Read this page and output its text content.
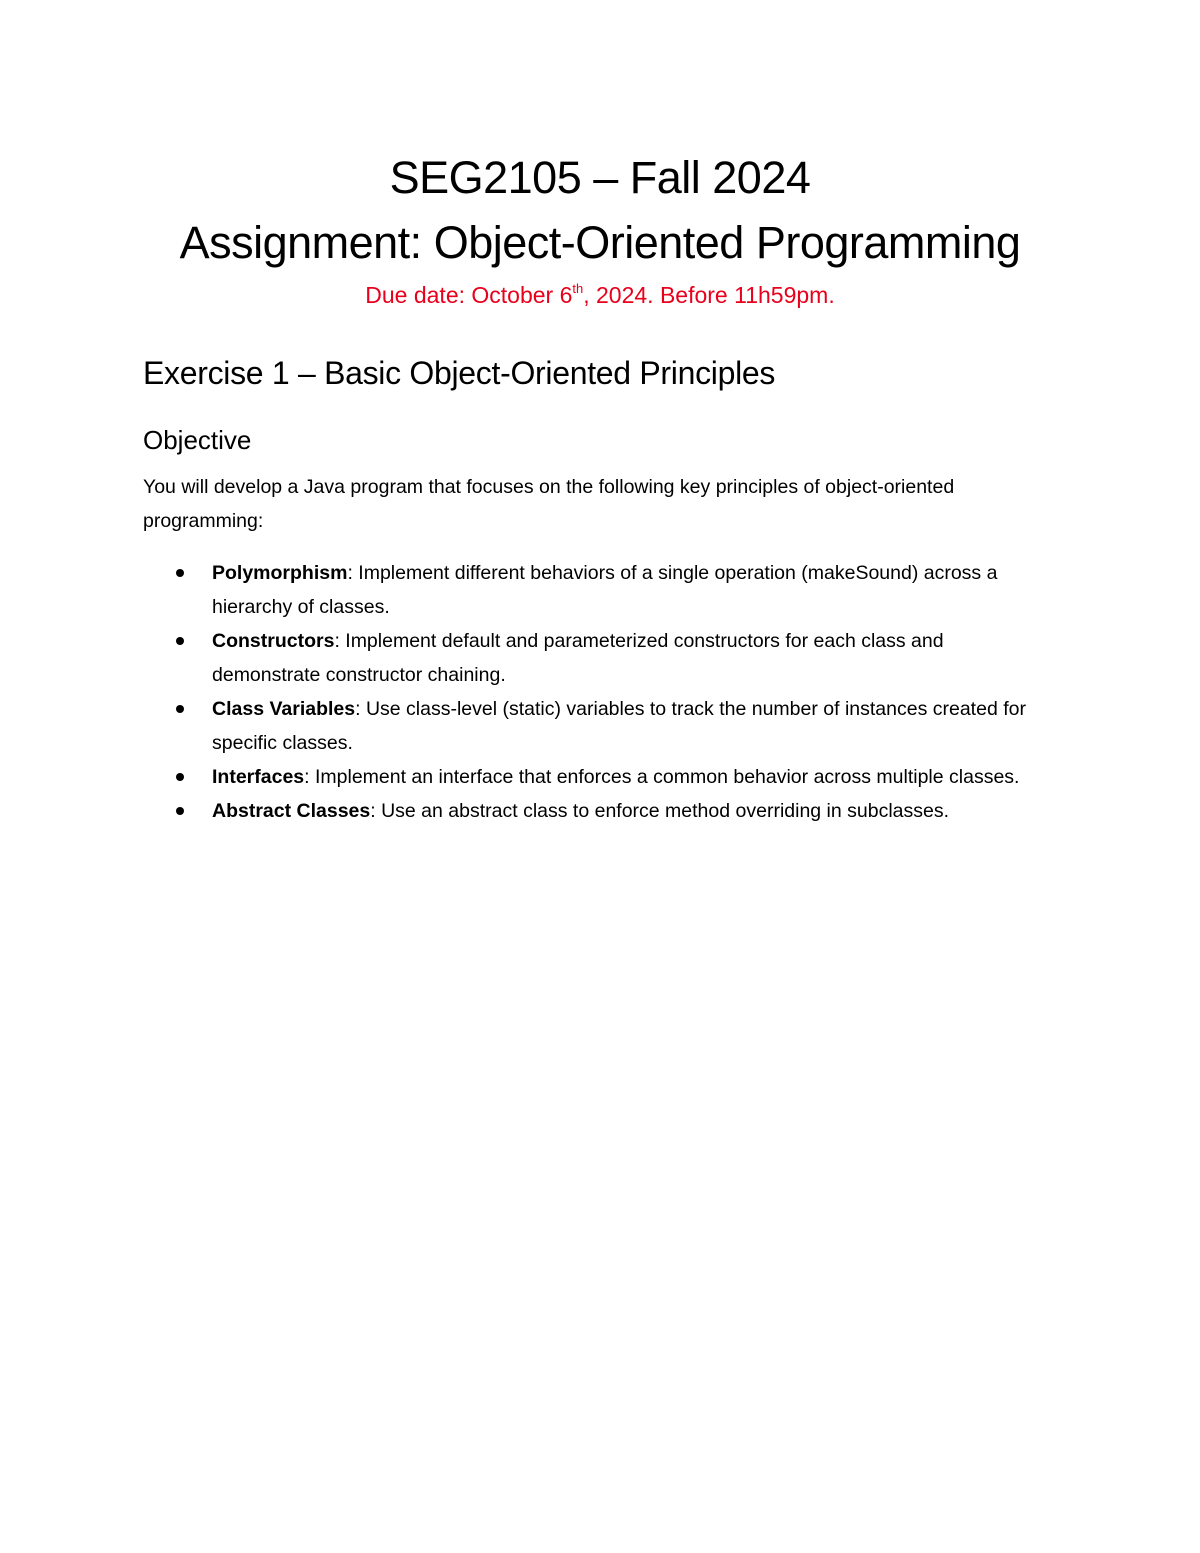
SEG2105 – Fall 2024
Assignment: Object-Oriented Programming
Due date: October 6th, 2024. Before 11h59pm.
Exercise 1 – Basic Object-Oriented Principles
Objective
You will develop a Java program that focuses on the following key principles of object-oriented programming:
Polymorphism: Implement different behaviors of a single operation (makeSound) across a hierarchy of classes.
Constructors: Implement default and parameterized constructors for each class and demonstrate constructor chaining.
Class Variables: Use class-level (static) variables to track the number of instances created for specific classes.
Interfaces: Implement an interface that enforces a common behavior across multiple classes.
Abstract Classes: Use an abstract class to enforce method overriding in subclasses.
